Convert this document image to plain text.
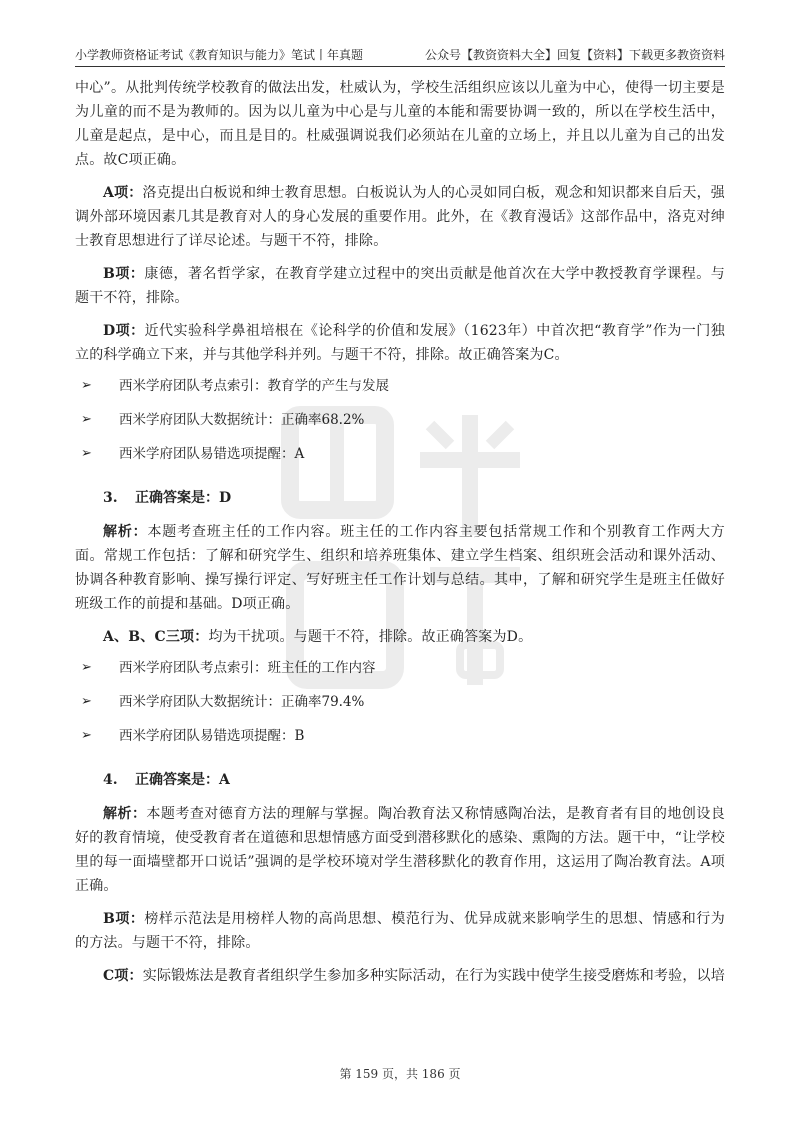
小学教师资格证考试《教育知识与能力》笔试丨年真题	公众号【教资资料大全】回复【资料】下载更多教资资料

中心”。从批判传统学校教育的做法出发，杜威认为，学校生活组织应该以儿童为中心，使得一切主要是为儿童的而不是为教师的。因为以儿童为中心是与儿童的本能和需要协调一致的，所以在学校生活中，儿童是起点，是中心，而且是目的。杜威强调说我们必须站在儿童的立场上，并且以儿童为自己的出发点。故C项正确。

A项：洛克提出白板说和绅士教育思想。白板说认为人的心灵如同白板，观念和知识都来自后天，强调外部环境因素几其是教育对人的身心发展的重要作用。此外，在《教育漫话》这部作品中，洛克对绅士教育思想进行了详尽论述。与题干不符，排除。

B项：康德，著名哲学家，在教育学建立过程中的突出贡献是他首次在大学中教授教育学课程。与题干不符，排除。

D项：近代实验科学鼻祖培根在《论科学的价值和发展》（1623年）中首次把“教育学”作为一门独立的科学确立下来，并与其他学科并列。与题干不符，排除。故正确答案为C。

➢	西米学府团队考点索引：教育学的产生与发展
➢	西米学府团队大数据统计：正确率68.2%
➢	西米学府团队易错选项提醒：A
3. 正确答案是：D

解析：本题考查班主任的工作内容。班主任的工作内容主要包括常规工作和个别教育工作两大方面。常规工作包括：了解和研究学生、组织和培养班集体、建立学生档案、组织班会活动和课外活动、协调各种教育影响、操写操行评定、写好班主任工作计划与总结。其中，了解和研究学生是班主任做好班级工作的前提和基础。D项正确。

A、B、C三项：均为干扰项。与题干不符，排除。故正确答案为D。

➢	西米学府团队考点索引：班主任的工作内容
➢	西米学府团队大数据统计：正确率79.4%
➢	西米学府团队易错选项提醒：B
4. 正确答案是：A

解析：本题考查对德育方法的理解与掌握。陶冶教育法又称情感陶冶法，是教育者有目的地创设良好的教育情境，使受教育者在道德和思想情感方面受到潜移默化的感染、熏陶的方法。题干中，“让学校里的每一面墙壁都开口说话”强调的是学校环境对学生潜移默化的教育作用，这运用了陶冶教育法。A项正确。

B项：榜样示范法是用榜样人物的高尚思想、模范行为、优异成就来影响学生的思想、情感和行为的方法。与题干不符，排除。

C项：实际锻炼法是教育者组织学生参加多种实际活动，在行为实践中使学生接受磨炼和考验，以培

第 159 页，共 186 页
